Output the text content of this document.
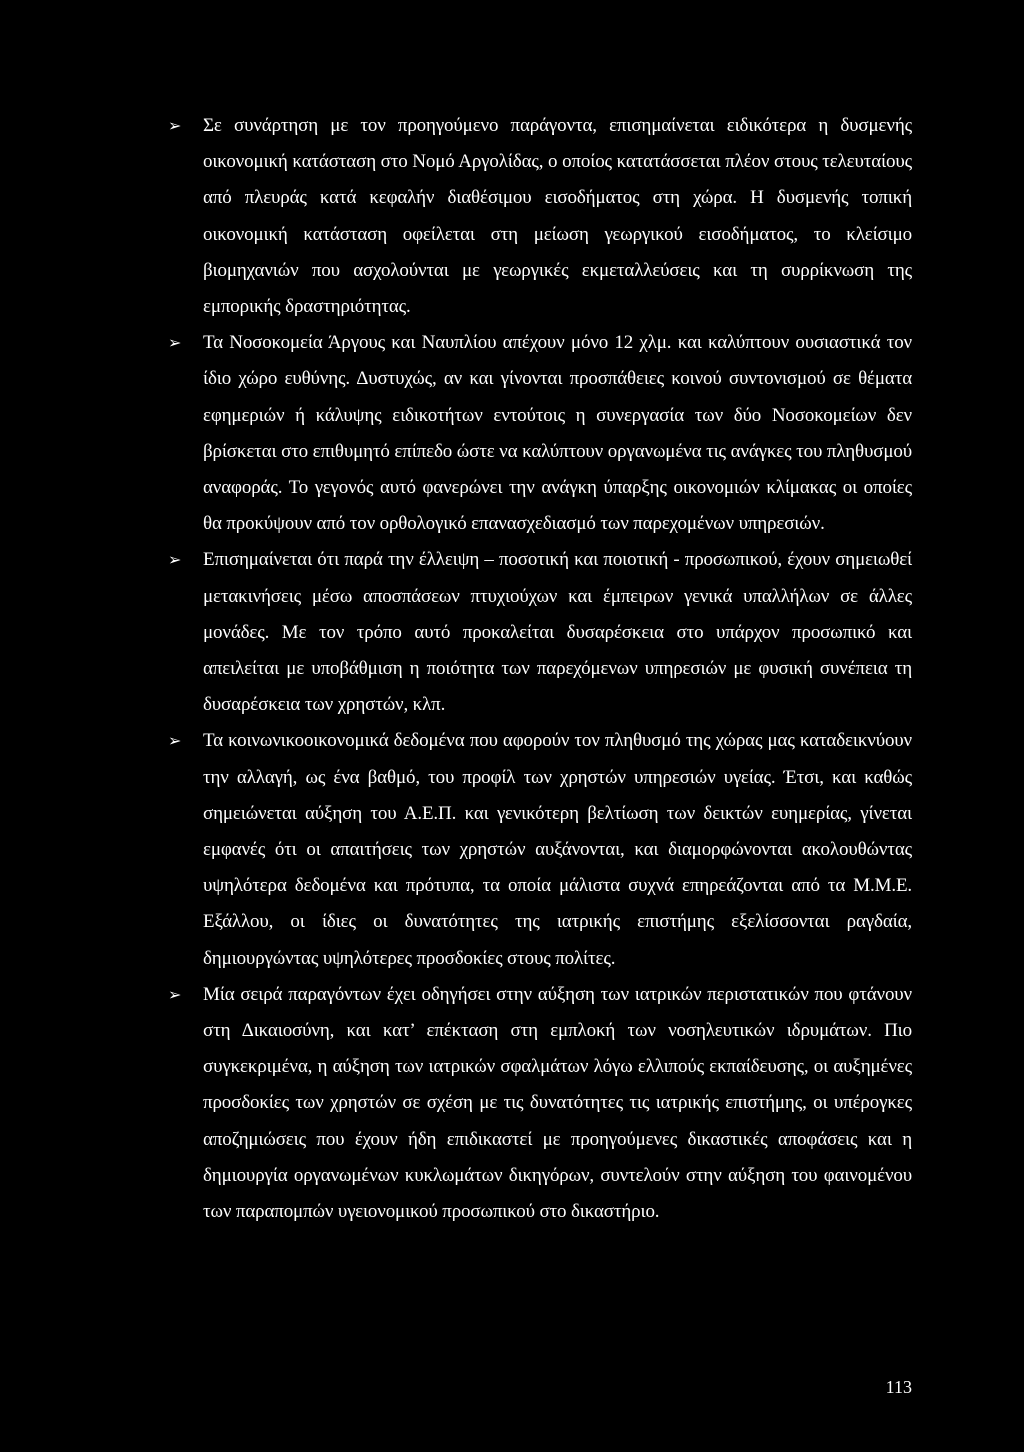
➢	Σε συνάρτηση με τον προηγούμενο παράγοντα, επισημαίνεται ειδικότερα η δυσμενής οικονομική κατάσταση στο Νομό Αργολίδας, ο οποίος κατατάσσεται πλέον στους τελευταίους από πλευράς κατά κεφαλήν διαθέσιμου εισοδήματος στη χώρα. Η δυσμενής τοπική οικονομική κατάσταση οφείλεται στη μείωση γεωργικού εισοδήματος, το κλείσιμο βιομηχανιών που ασχολούνται με γεωργικές εκμεταλλεύσεις και τη συρρίκνωση της εμπορικής δραστηριότητας.
➢	Τα Νοσοκομεία Άργους και Ναυπλίου απέχουν μόνο 12 χλμ. και καλύπτουν ουσιαστικά τον ίδιο χώρο ευθύνης. Δυστυχώς, αν και γίνονται προσπάθειες κοινού συντονισμού σε θέματα εφημεριών ή κάλυψης ειδικοτήτων εντούτοις η συνεργασία των δύο Νοσοκομείων δεν βρίσκεται στο επιθυμητό επίπεδο ώστε να καλύπτουν οργανωμένα τις ανάγκες του πληθυσμού αναφοράς. Το γεγονός αυτό φανερώνει την ανάγκη ύπαρξης οικονομιών κλίμακας οι οποίες θα προκύψουν από τον ορθολογικό επανασχεδιασμό των παρεχομένων υπηρεσιών.
➢	Επισημαίνεται ότι παρά την έλλειψη – ποσοτική και ποιοτική - προσωπικού, έχουν σημειωθεί μετακινήσεις μέσω αποσπάσεων πτυχιούχων και έμπειρων γενικά υπαλλήλων σε άλλες μονάδες. Με τον τρόπο αυτό προκαλείται δυσαρέσκεια στο υπάρχον προσωπικό και απειλείται με υποβάθμιση η ποιότητα των παρεχόμενων υπηρεσιών με φυσική συνέπεια τη δυσαρέσκεια των χρηστών, κλπ.
➢	Τα κοινωνικοοικονομικά δεδομένα που αφορούν τον πληθυσμό της χώρας μας καταδεικνύουν την αλλαγή, ως ένα βαθμό, του προφίλ των χρηστών υπηρεσιών υγείας. Έτσι, και καθώς σημειώνεται αύξηση του Α.Ε.Π. και γενικότερη βελτίωση των δεικτών ευημερίας, γίνεται εμφανές ότι οι απαιτήσεις των χρηστών αυξάνονται, και διαμορφώνονται ακολουθώντας υψηλότερα δεδομένα και πρότυπα, τα οποία μάλιστα συχνά επηρεάζονται από τα Μ.Μ.Ε. Εξάλλου, οι ίδιες οι δυνατότητες της ιατρικής επιστήμης εξελίσσονται ραγδαία, δημιουργώντας υψηλότερες προσδοκίες στους πολίτες.
➢	Μία σειρά παραγόντων έχει οδηγήσει στην αύξηση των ιατρικών περιστατικών που φτάνουν στη Δικαιοσύνη, και κατ’ επέκταση στη εμπλοκή των νοσηλευτικών ιδρυμάτων. Πιο συγκεκριμένα, η αύξηση των ιατρικών σφαλμάτων λόγω ελλιπούς εκπαίδευσης, οι αυξημένες προσδοκίες των χρηστών σε σχέση με τις δυνατότητες τις ιατρικής επιστήμης, οι υπέρογκες αποζημιώσεις που έχουν ήδη επιδικαστεί με προηγούμενες δικαστικές αποφάσεις και η δημιουργία οργανωμένων κυκλωμάτων δικηγόρων, συντελούν στην αύξηση του φαινομένου των παραπομπών υγειονομικού προσωπικού στο δικαστήριο.
113
